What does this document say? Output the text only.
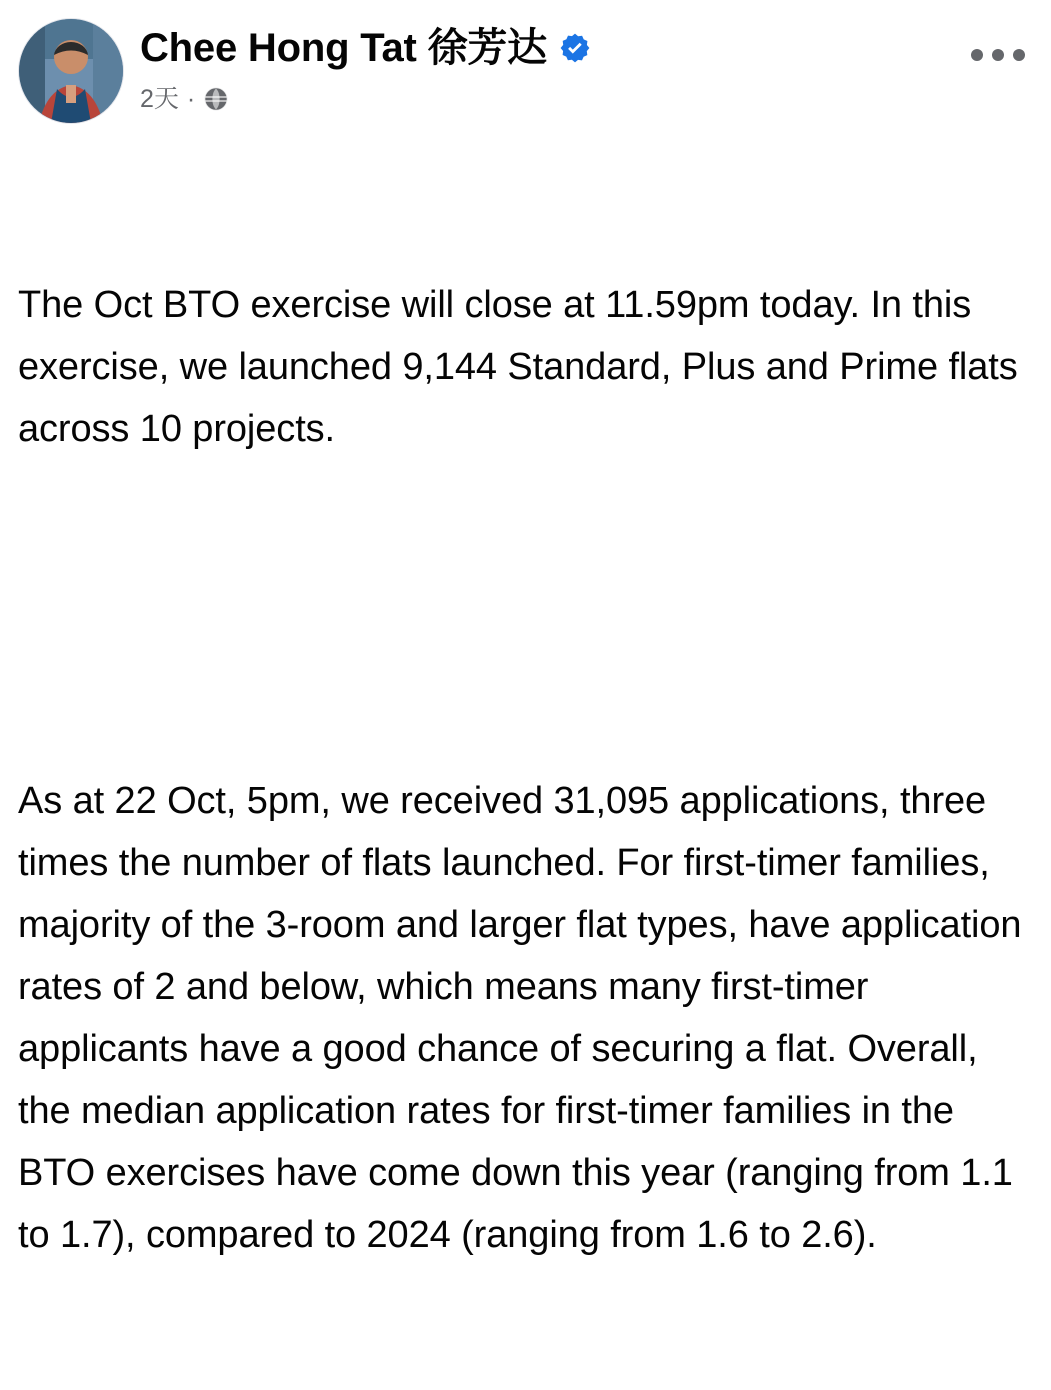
Chee Hong Tat 徐芳达
2天 ·

The Oct BTO exercise will close at 11.59pm today. In this exercise, we launched 9,144 Standard, Plus and Prime flats across 10 projects.

As at 22 Oct, 5pm, we received 31,095 applications, three times the number of flats launched. For first-timer families, majority of the 3-room and larger flat types, have application rates of 2 and below, which means many first-timer applicants have a good chance of securing a flat. Overall, the median application rates for first-timer families in the BTO exercises have come down this year (ranging from 1.1 to 1.7), compared to 2024 (ranging from 1.6 to 2.6).
